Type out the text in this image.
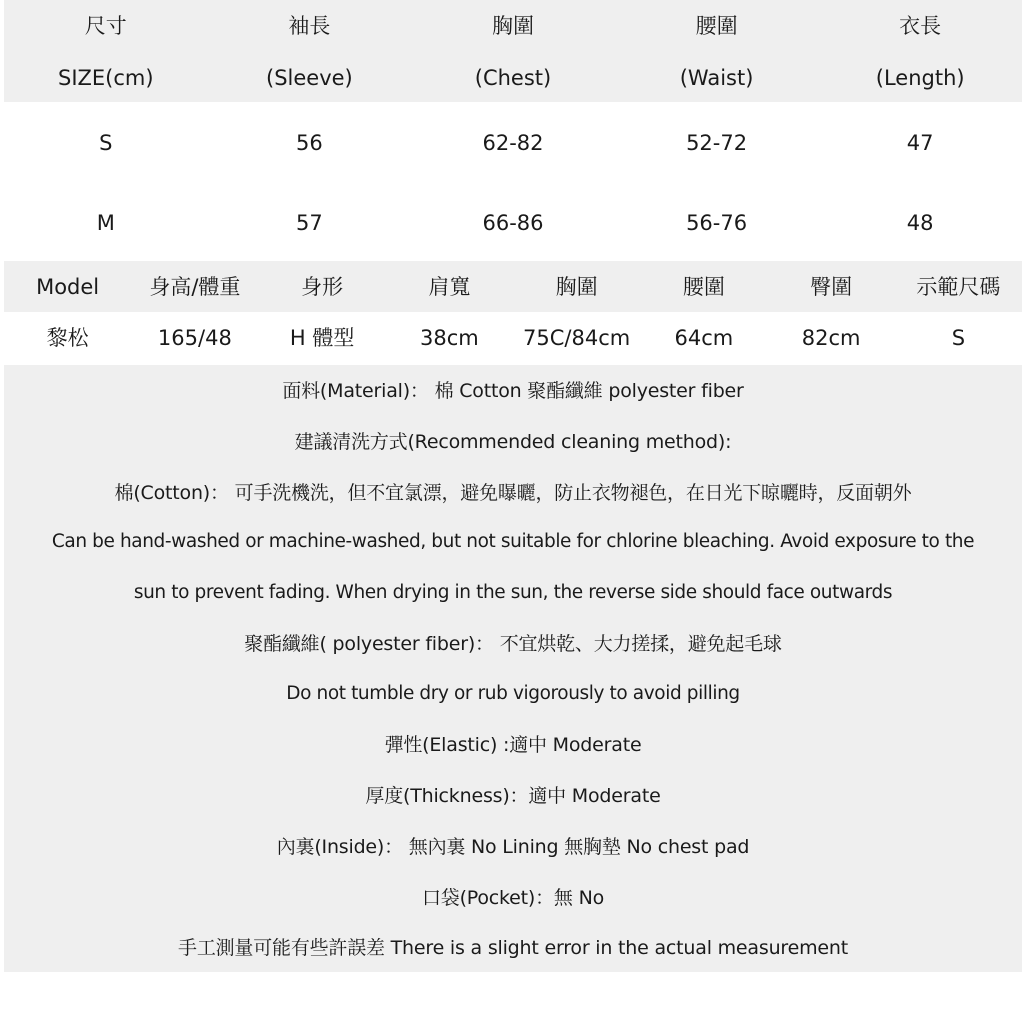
尺寸	袖長	胸圍	腰圍	衣長
SIZE(cm)	(Sleeve)	(Chest)	(Waist)	(Length)
S	56	62-82	52-72	47
M	57	66-86	56-76	48
Model	身高/體重	身形	肩寬	胸圍	腰圍	臀圍	示範尺碼
黎松	165/48	H 體型	38cm	75C/84cm	64cm	82cm	S
面料(Material)： 棉 Cotton 聚酯纖維 polyester fiber
建議清洗方式(Recommended cleaning method):
棉(Cotton)： 可手洗機洗，但不宜氯漂，避免曝曬，防止衣物褪色，在日光下晾曬時，反面朝外
Can be hand-washed or machine-washed, but not suitable for chlorine bleaching. Avoid exposure to the
sun to prevent fading. When drying in the sun, the reverse side should face outwards
聚酯纖維( polyester fiber)： 不宜烘乾、大力搓揉，避免起毛球
Do not tumble dry or rub vigorously to avoid pilling
彈性(Elastic) :適中 Moderate
厚度(Thickness)：適中 Moderate
內裏(Inside)： 無內裏 No Lining 無胸墊 No chest pad
口袋(Pocket)：無 No
手工測量可能有些許誤差 There is a slight error in the actual measurement
